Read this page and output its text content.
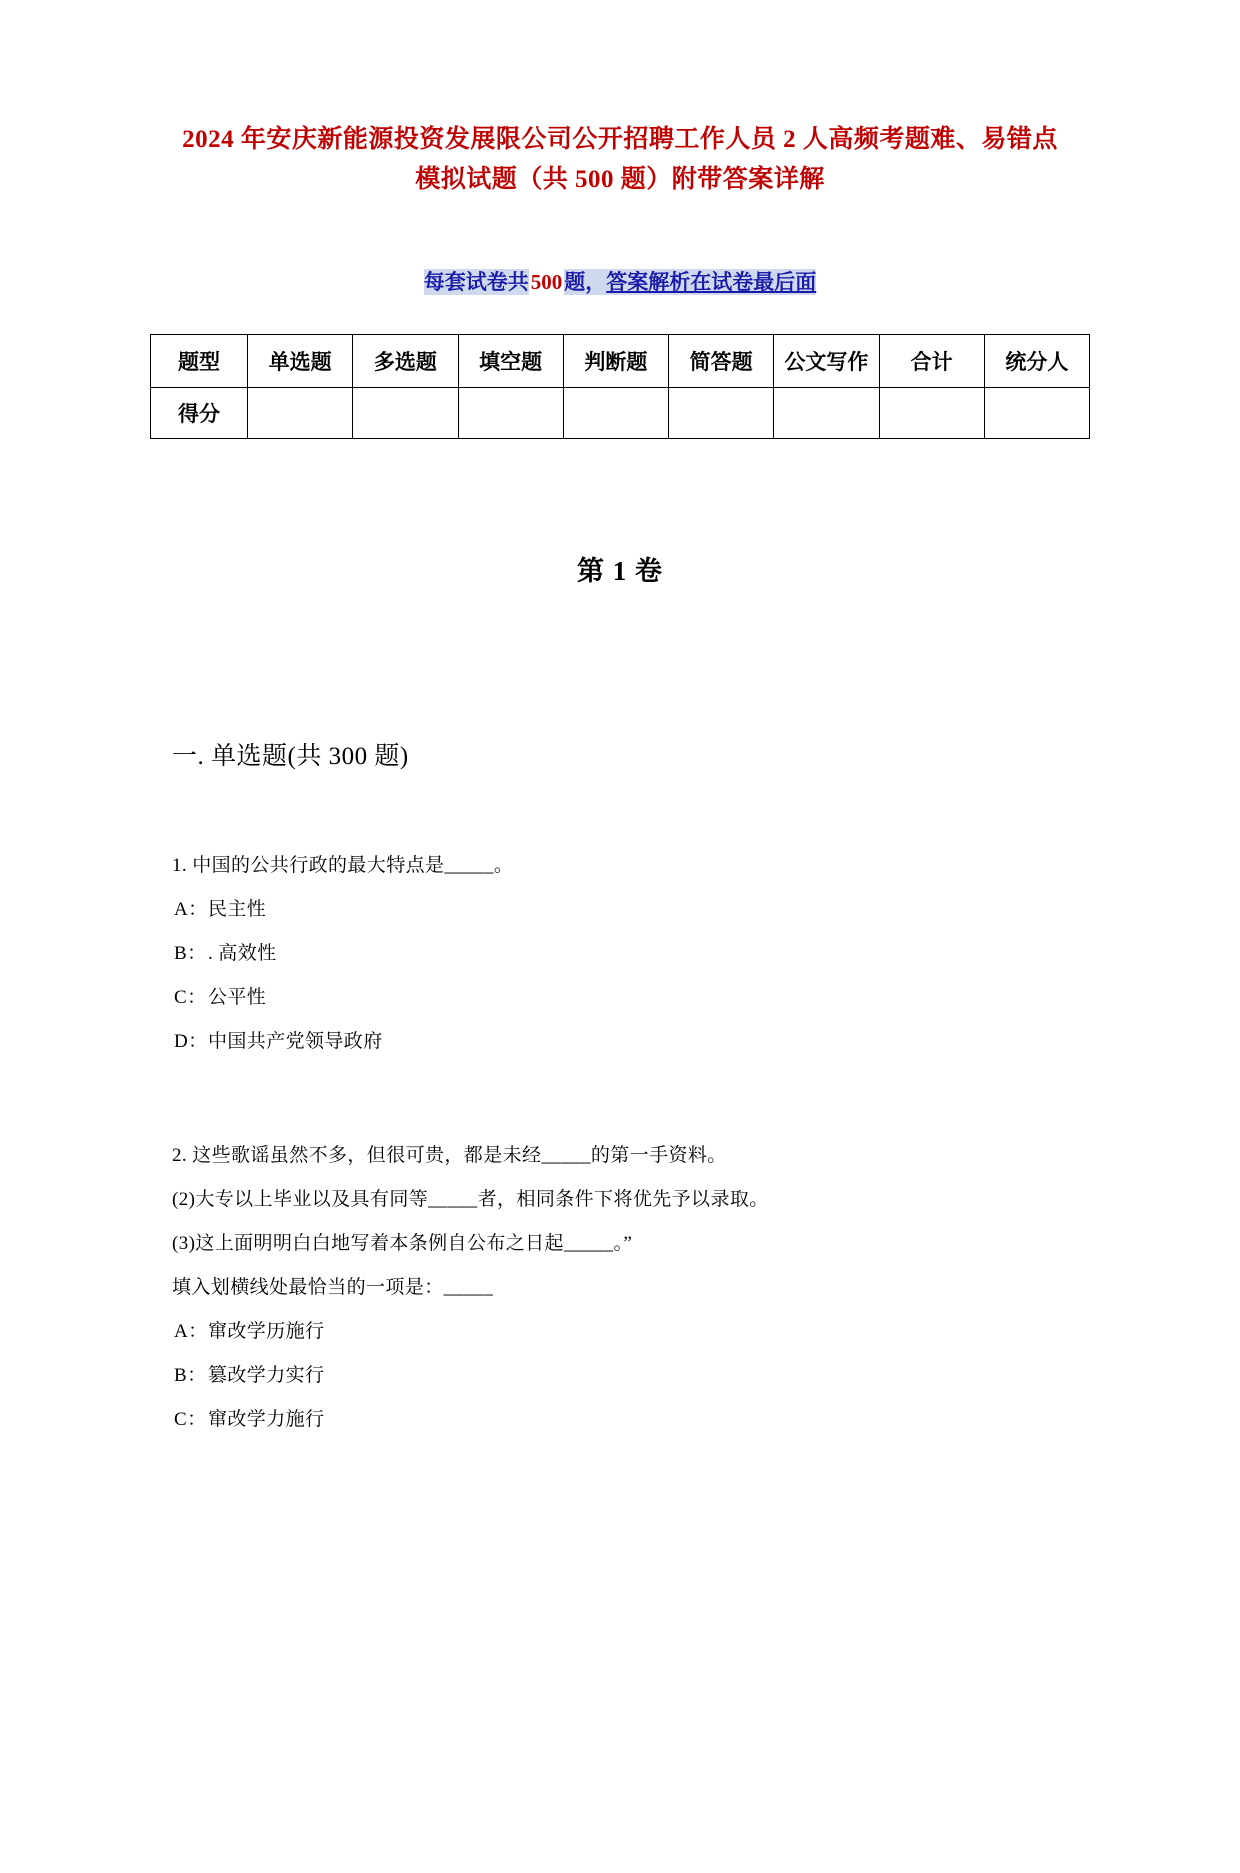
2024 年安庆新能源投资发展限公司公开招聘工作人员 2 人高频考题难、易错点
模拟试题（共 500 题）附带答案详解
每套试卷共500题，答案解析在试卷最后面
题型	单选题	多选题	填空题	判断题	简答题	公文写作	合计	统分人
得分								
第 1 卷
一. 单选题(共 300 题)
1. 中国的公共行政的最大特点是_____。
A：民主性
B：. 高效性
C：公平性
D：中国共产党领导政府
2. 这些歌谣虽然不多，但很可贵，都是未经_____的第一手资料。
(2)大专以上毕业以及具有同等_____者，相同条件下将优先予以录取。
(3)这上面明明白白地写着本条例自公布之日起_____。”
填入划横线处最恰当的一项是：_____
A：窜改学历施行
B：篡改学力实行
C：窜改学力施行
